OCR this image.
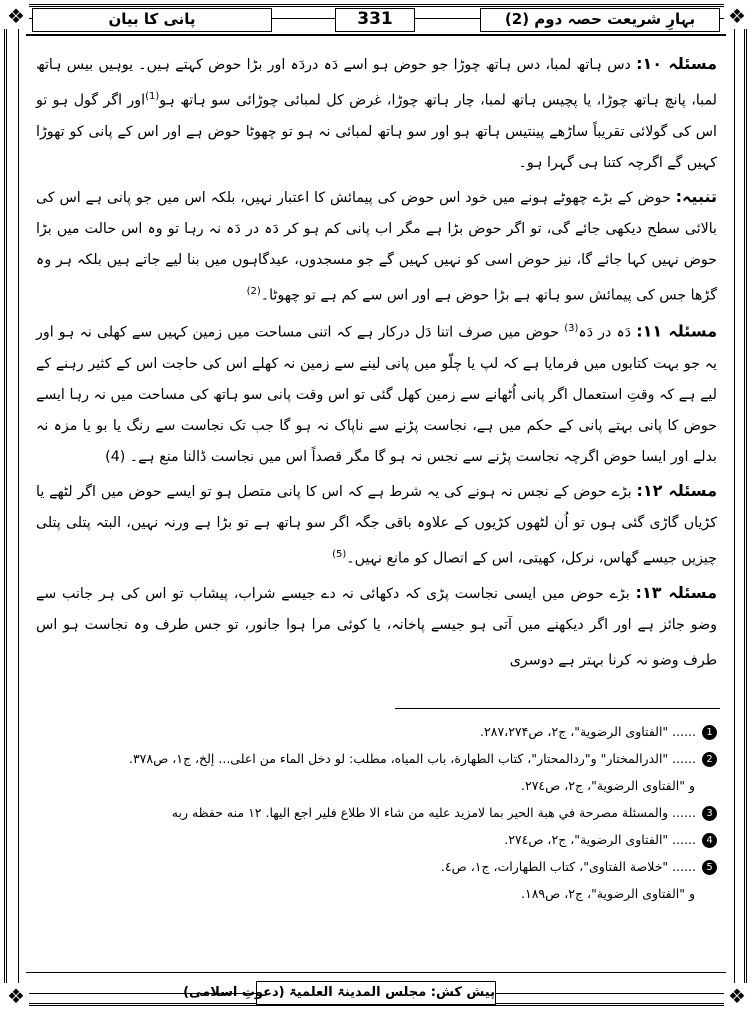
❖	❖
❖	❖
بہارِ شریعت حصہ دوم (2)
331
پانی کا بیان

مسئلہ ۱۰: دس ہاتھ لمبا، دس ہاتھ چوڑا جو حوض ہو اسے دَہ دردَہ اور بڑا حوض کہتے ہیں۔ یوہیں بیس ہاتھ لمبا، پانچ ہاتھ چوڑا، یا پچیس ہاتھ لمبا، چار ہاتھ چوڑا، غرض کل لمبائی چوڑائی سو ہاتھ ہو$^{(1)}$اور اگر گول ہو تو اس کی گولائی تقریباً ساڑھے پینتیس ہاتھ ہو اور سو ہاتھ لمبائی نہ ہو تو چھوٹا حوض ہے اور اس کے پانی کو تھوڑا کہیں گے اگرچہ کتنا ہی گہرا ہو۔

تنبیہ: حوض کے بڑے چھوٹے ہونے میں خود اس حوض کی پیمائش کا اعتبار نہیں، بلکہ اس میں جو پانی ہے اس کی بالائی سطح دیکھی جائے گی، تو اگر حوض بڑا ہے مگر اب پانی کم ہو کر دَہ در دَہ نہ رہا تو وہ اس حالت میں بڑا حوض نہیں کہا جائے گا، نیز حوض اسی کو نہیں کہیں گے جو مسجدوں، عیدگاہوں میں بنا لیے جاتے ہیں بلکہ ہر وہ گڑھا جس کی پیمائش سو ہاتھ ہے بڑا حوض ہے اور اس سے کم ہے تو چھوٹا۔$^{(2)}$

مسئلہ ۱۱: دَہ در دَہ$^{(3)}$ حوض میں صرف اتنا دَل درکار ہے کہ اتنی مساحت میں زمین کہیں سے کھلی نہ ہو اور یہ جو بہت کتابوں میں فرمایا ہے کہ لپ یا چلّو میں پانی لینے سے زمین نہ کھلے اس کی حاجت اس کے کثیر رہنے کے لیے ہے کہ وقتِ استعمال اگر پانی اُٹھانے سے زمین کھل گئی تو اس وقت پانی سو ہاتھ کی مساحت میں نہ رہا ایسے حوض کا پانی بہتے پانی کے حکم میں ہے، نجاست پڑنے سے ناپاک نہ ہو گا جب تک نجاست سے رنگ یا بو یا مزہ نہ بدلے اور ایسا حوض اگرچہ نجاست پڑنے سے نجس نہ ہو گا مگر قصداً اس میں نجاست ڈالنا منع ہے۔ (4)

مسئلہ ۱۲: بڑے حوض کے نجس نہ ہونے کی یہ شرط ہے کہ اس کا پانی متصل ہو تو ایسے حوض میں اگر لٹھے یا کڑیاں گاڑی گئی ہوں تو اُن لٹھوں کڑیوں کے علاوہ باقی جگہ اگر سو ہاتھ ہے تو بڑا ہے ورنہ نہیں، البتہ پتلی پتلی چیزیں جیسے گھاس، نرکل، کھیتی، اس کے اتصال کو مانع نہیں۔$^{(5)}$

مسئلہ ۱۳: بڑے حوض میں ایسی نجاست پڑی کہ دکھائی نہ دے جیسے شراب، پیشاب تو اس کی ہر جانب سے وضو جائز ہے اور اگر دیکھنے میں آتی ہو جیسے پاخانہ، یا کوئی مرا ہوا جانور، تو جس طرف وہ نجاست ہو اس طرف وضو نہ کرنا بہتر ہے دوسری

1...... "الفتاوى الرضوية"، ج۲، ص۲۸۷،۲۷۴.
2...... "الدرالمختار" و"ردالمحتار"، كتاب الطهارة، باب المياه، مطلب: لو دخل الماء من اعلى... إلخ، ج۱، ص۳۷۸.
و "الفتاوى الرضوية"، ج۲، ص۲۷٤.
3...... والمسئلة مصرحة في هبة الحير بما لامزيد عليه من شاء الا طلاع فلير اجع اليها. ۱۲ منه حفظه ربه
4...... "الفتاوى الرضوية"، ج۲، ص۲۷٤.
5...... "خلاصة الفتاوى"، كتاب الطهارات، ج۱، ص٤.
و "الفتاوى الرضوية"، ج۲، ص۱۸۹.
پیش کش: مجلس المدینۃ العلمیۃ (دعوتِ اسلامی)
